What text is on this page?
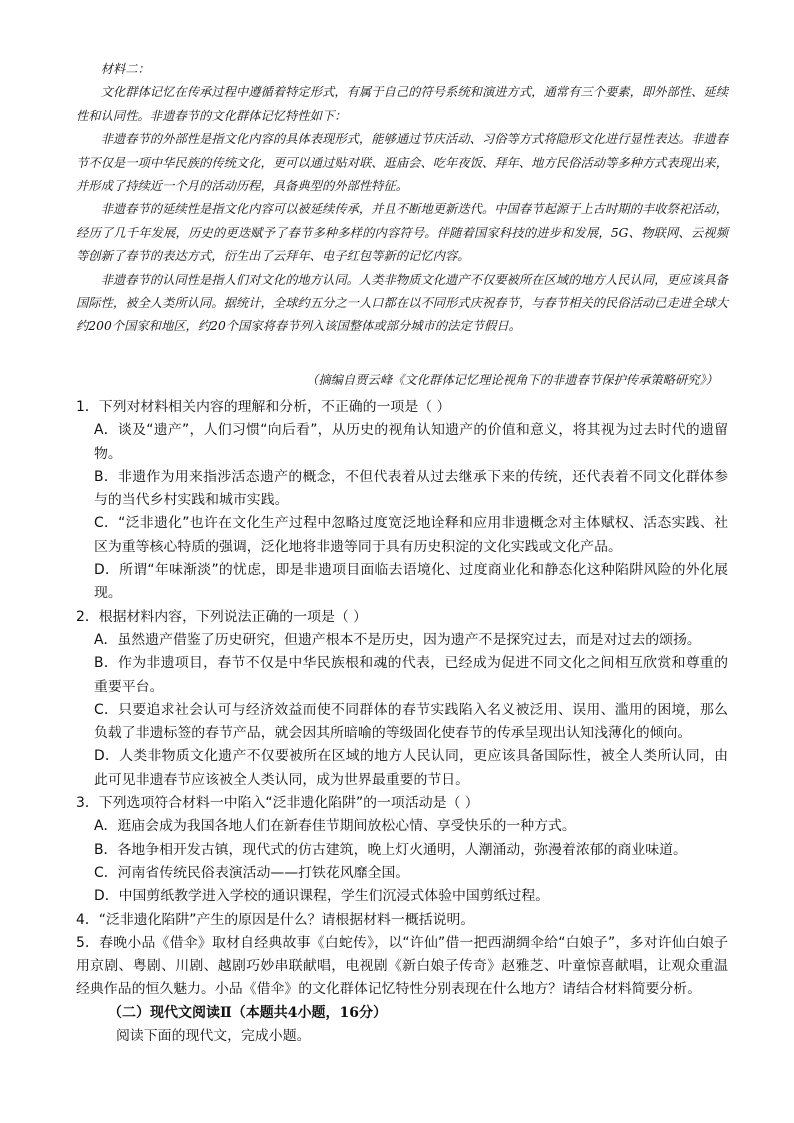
材料二：

文化群体记忆在传承过程中遵循着特定形式，有属于自己的符号系统和演进方式，通常有三个要素，即外部性、延续性和认同性。非遗春节的文化群体记忆特性如下：

非遗春节的外部性是指文化内容的具体表现形式，能够通过节庆活动、习俗等方式将隐形文化进行显性表达。非遗春节不仅是一项中华民族的传统文化，更可以通过贴对联、逛庙会、吃年夜饭、拜年、地方民俗活动等多种方式表现出来，并形成了持续近一个月的活动历程，具备典型的外部性特征。

非遗春节的延续性是指文化内容可以被延续传承，并且不断地更新迭代。中国春节起源于上古时期的丰收祭祀活动，经历了几千年发展，历史的更迭赋予了春节多种多样的内容符号。伴随着国家科技的进步和发展，5G、物联网、云视频等创新了春节的表达方式，衍生出了云拜年、电子红包等新的记忆内容。

非遗春节的认同性是指人们对文化的地方认同。人类非物质文化遗产不仅要被所在区域的地方人民认同，更应该具备国际性，被全人类所认同。据统计，全球约五分之一人口都在以不同形式庆祝春节，与春节相关的民俗活动已走进全球大约200个国家和地区，约20个国家将春节列入该国整体或部分城市的法定节假日。

（摘编自贾云峰《文化群体记忆理论视角下的非遗春节保护传承策略研究》）

1．下列对材料相关内容的理解和分析，不正确的一项是（ ）

A．谈及“遗产”，人们习惯“向后看”，从历史的视角认知遗产的价值和意义，将其视为过去时代的遗留物。

B．非遗作为用来指涉活态遗产的概念，不但代表着从过去继承下来的传统，还代表着不同文化群体参与的当代乡村实践和城市实践。

C．“泛非遗化”也许在文化生产过程中忽略过度宽泛地诠释和应用非遗概念对主体赋权、活态实践、社区为重等核心特质的强调，泛化地将非遗等同于具有历史积淀的文化实践或文化产品。

D．所谓“年味渐淡”的忧虑，即是非遗项目面临去语境化、过度商业化和静态化这种陷阱风险的外化展现。

2．根据材料内容，下列说法正确的一项是（ ）

A．虽然遗产借鉴了历史研究，但遗产根本不是历史，因为遗产不是探究过去，而是对过去的颂扬。

B．作为非遗项目，春节不仅是中华民族根和魂的代表，已经成为促进不同文化之间相互欣赏和尊重的重要平台。

C．只要追求社会认可与经济效益而使不同群体的春节实践陷入名义被泛用、误用、滥用的困境，那么负载了非遗标签的春节产品，就会因其所暗喻的等级固化使春节的传承呈现出认知浅薄化的倾向。

D．人类非物质文化遗产不仅要被所在区域的地方人民认同，更应该具备国际性，被全人类所认同，由此可见非遗春节应该被全人类认同，成为世界最重要的节日。

3．下列选项符合材料一中陷入“泛非遗化陷阱”的一项活动是（ ）

A．逛庙会成为我国各地人们在新春佳节期间放松心情、享受快乐的一种方式。

B．各地争相开发古镇，现代式的仿古建筑，晚上灯火通明，人潮涌动，弥漫着浓郁的商业味道。

C．河南省传统民俗表演活动——打铁花风靡全国。

D．中国剪纸教学进入学校的通识课程，学生们沉浸式体验中国剪纸过程。

4．“泛非遗化陷阱”产生的原因是什么？请根据材料一概括说明。

5．春晚小品《借伞》取材自经典故事《白蛇传》，以“许仙”借一把西湖绸伞给“白娘子”，多对许仙白娘子用京剧、粤剧、川剧、越剧巧妙串联献唱，电视剧《新白娘子传奇》赵雅芝、叶童惊喜献唱，让观众重温经典作品的恒久魅力。小品《借伞》的文化群体记忆特性分别表现在什么地方？请结合材料简要分析。

（二）现代文阅读Ⅱ（本题共4小题，16分）

阅读下面的现代文，完成小题。
